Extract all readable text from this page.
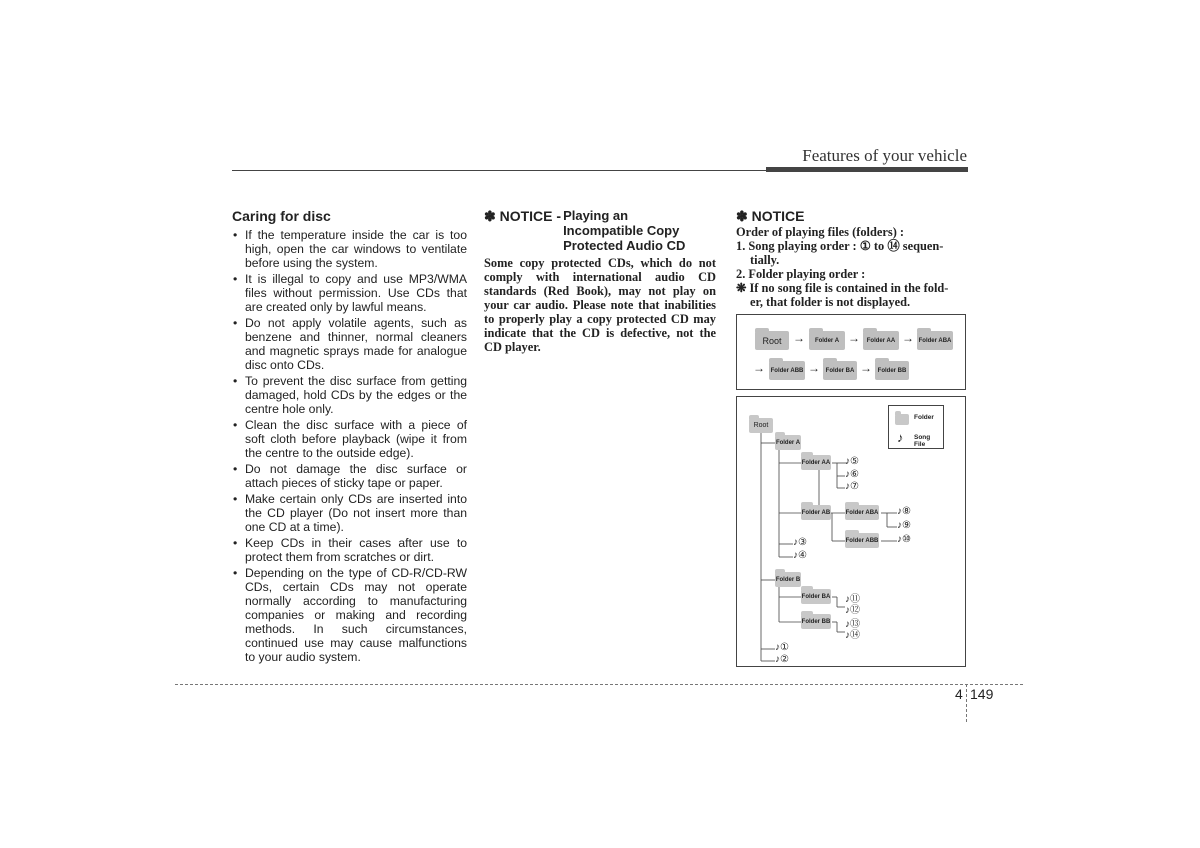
Features of your vehicle
Caring for disc
• If the temperature inside the car is too high, open the car windows to ventilate before using the system.
• It is illegal to copy and use MP3/WMA files without permission. Use CDs that are created only by lawful means.
• Do not apply volatile agents, such as benzene and thinner, normal cleaners and magnetic sprays made for analogue disc onto CDs.
• To prevent the disc surface from getting damaged, hold CDs by the edges or the centre hole only.
• Clean the disc surface with a piece of soft cloth before playback (wipe it from the centre to the outside edge).
• Do not damage the disc surface or attach pieces of sticky tape or paper.
• Make certain only CDs are inserted into the CD player (Do not insert more than one CD at a time).
• Keep CDs in their cases after use to protect them from scratches or dirt.
• Depending on the type of CD-R/CD-RW CDs, certain CDs may not operate normally according to manufacturing companies or making and recording methods. In such circumstances, continued use may cause malfunctions to your audio system.
✽ NOTICE - Playing an
Incompatible Copy
Protected Audio CD
Some copy protected CDs, which do not comply with international audio CD standards (Red Book), may not play on your car audio. Please note that inabilities to properly play a copy protected CD may indicate that the CD is defective, not the CD player.
✽ NOTICE
Order of playing files (folders) :
1. Song playing order : ① to ⑭ sequen-
tially.
2. Folder playing order :
❋ If no song file is contained in the fold-
er, that folder is not displayed.
Root →	Folder A →	Folder AA → Folder ABA
→ Folder ABB → Folder BA → Folder BB
Folder
♪ Song File
Root
Folder A
Folder AA
Folder AB	Folder ABA
Folder ABB
Folder B
Folder BA
Folder BB
♪⑤
♪⑥
♪⑦
♪⑧
♪⑨
♪⑩
♪③
♪④
♪⑪
♪⑫
♪⑬
♪⑭
♪①
♪②
4 149
